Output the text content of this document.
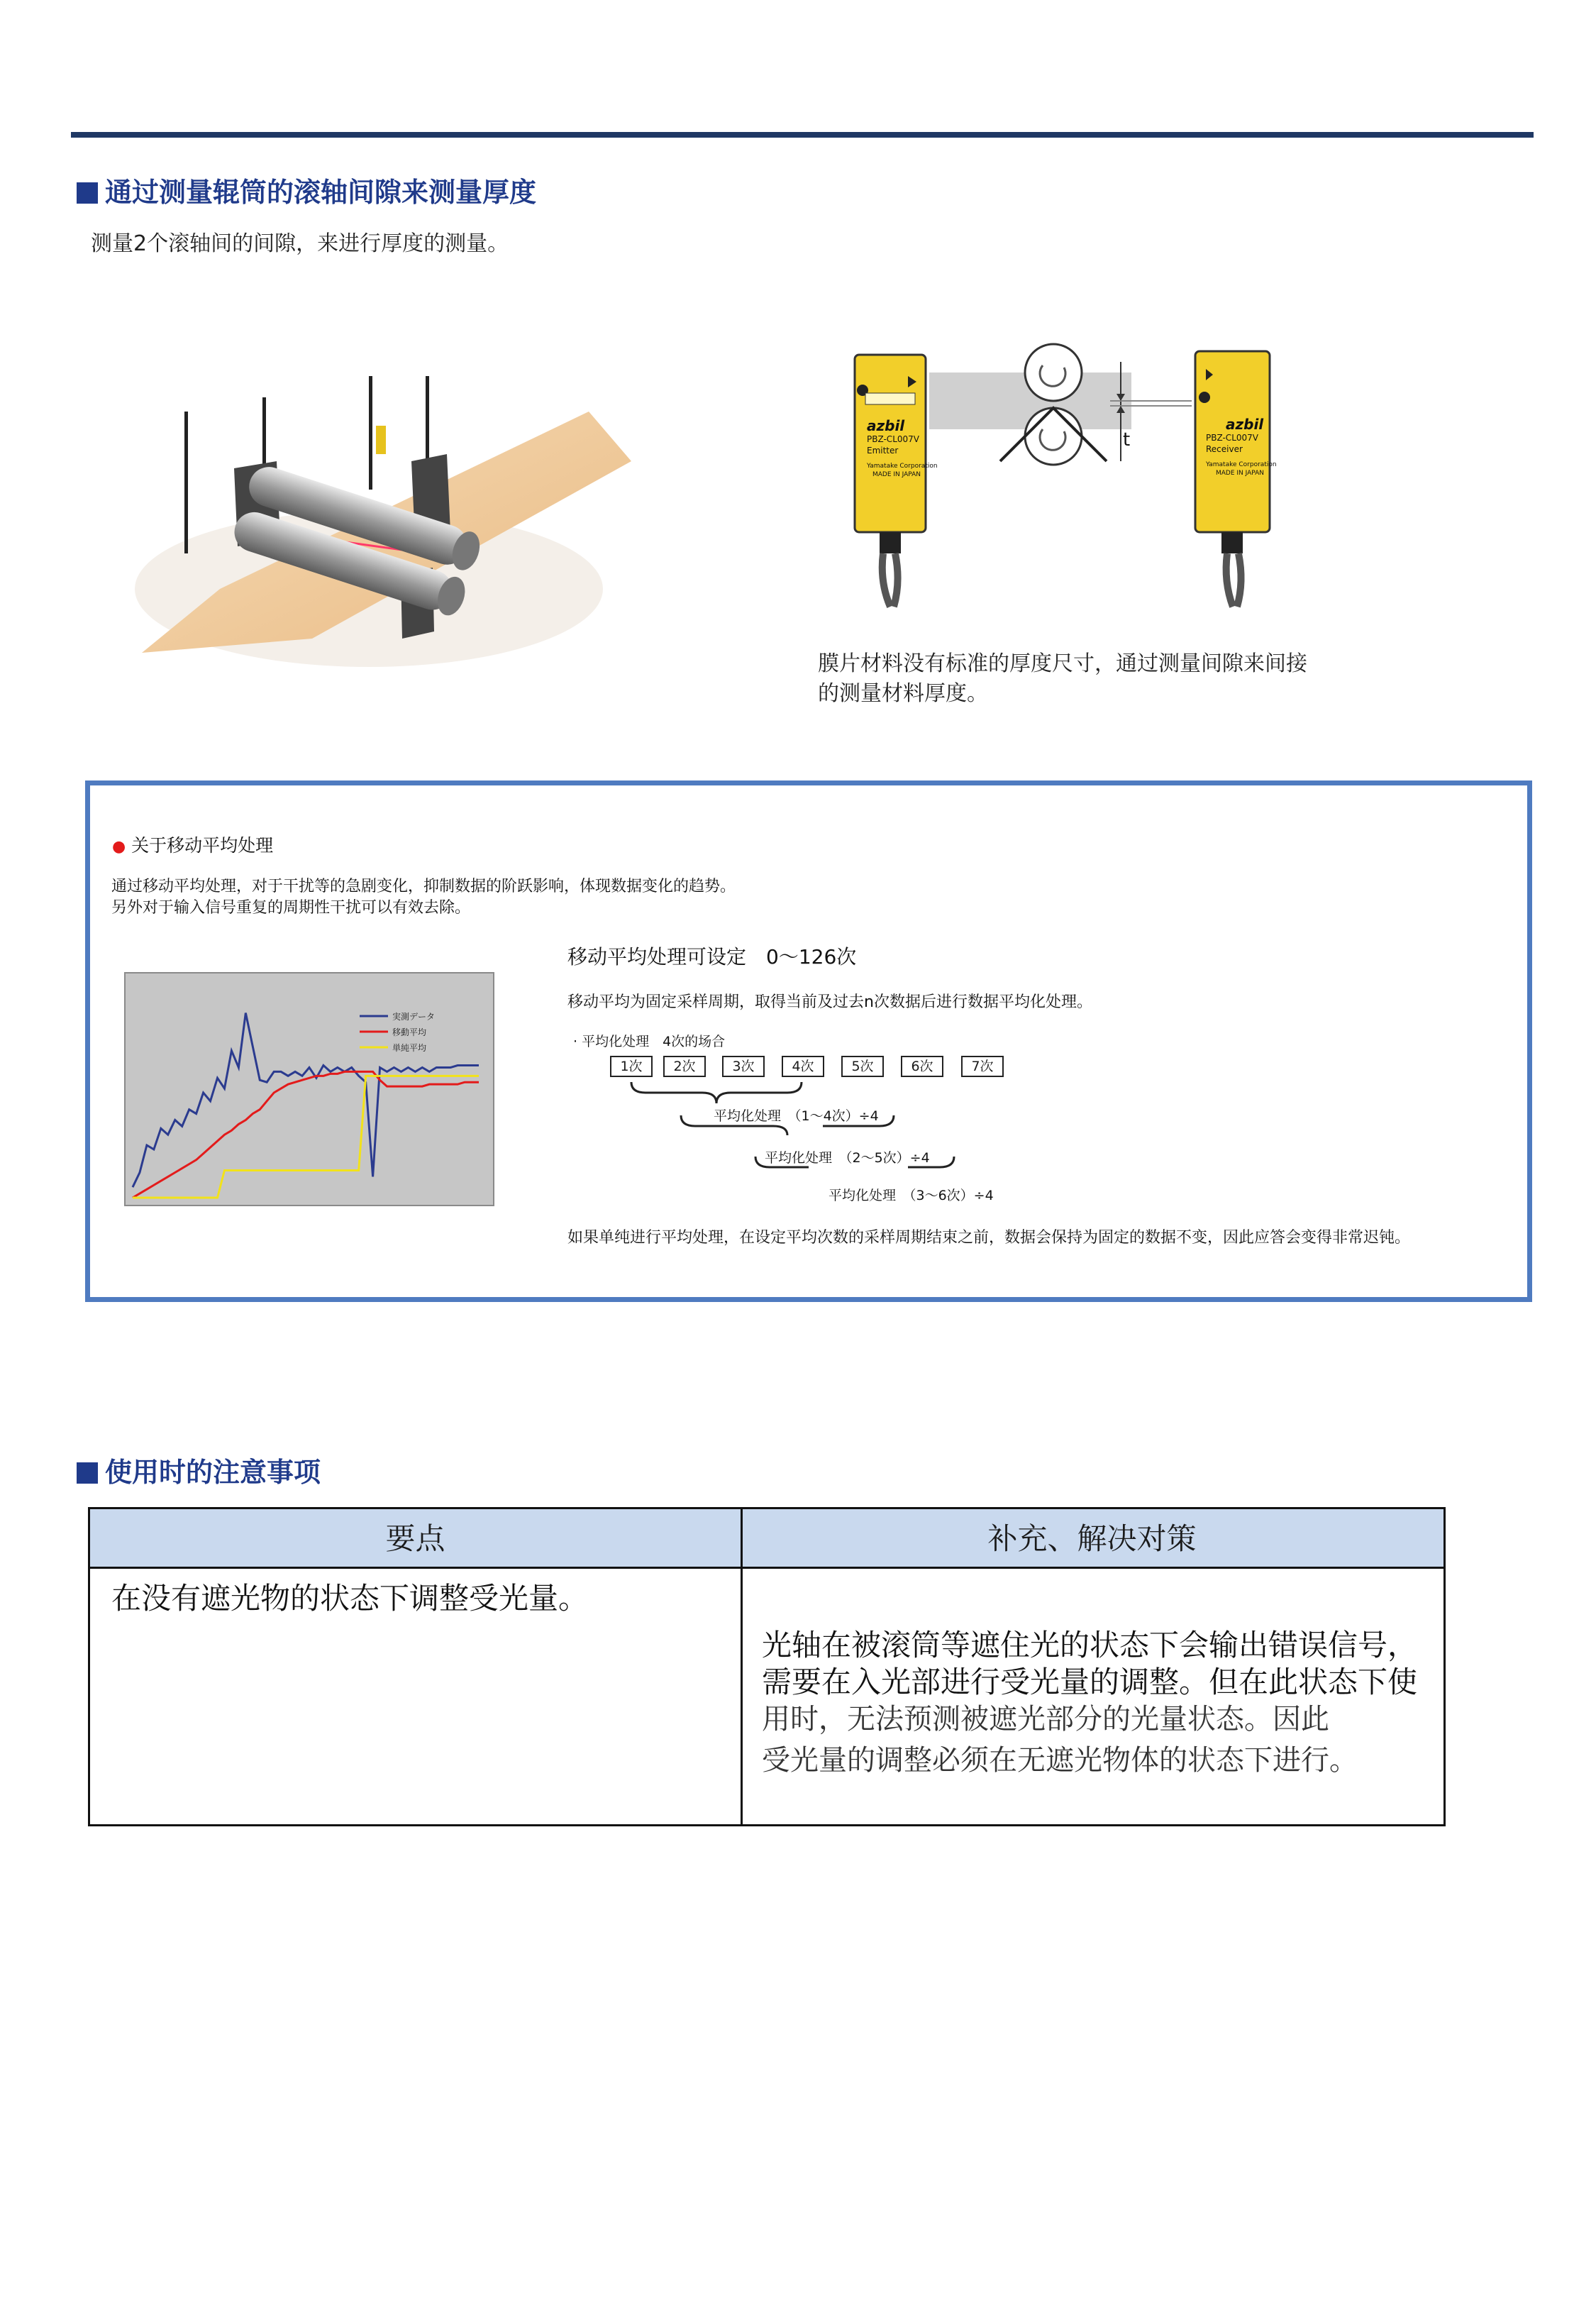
通过测量辊筒的滚轴间隙来测量厚度
测量2个滚轴间的间隙，来进行厚度的测量。
azbil
PBZ-CL007V
Emitter
Yamatake Corporation
MADE IN JAPAN
t
azbil
PBZ-CL007V
Receiver
Yamatake Corporation
MADE IN JAPAN
膜片材料没有标准的厚度尺寸，通过测量间隙来间接
的测量材料厚度。
● 关于移动平均处理
通过移动平均处理，对于干扰等的急剧变化，抑制数据的阶跃影响，体现数据变化的趋势。
另外对于输入信号重复的周期性干扰可以有效去除。
実測データ
移動平均
単純平均
移动平均处理可设定　0～126次
移动平均为固定采样周期，取得当前及过去n次数据后进行数据平均化处理。
· 平均化处理　4次的场合
1次	2次	3次	4次	5次	6次	7次
平均化处理　（1～4次）÷4
平均化处理　（2～5次）÷4
平均化处理　（3～6次）÷4
如果单纯进行平均处理，在设定平均次数的采样周期结束之前，数据会保持为固定的数据不变，因此应答会变得非常迟钝。
使用时的注意事项
要点	补充、解决对策
在没有遮光物的状态下调整受光量。
光轴在被滚筒等遮住光的状态下会输出错误信号，
需要在入光部进行受光量的调整。但在此状态下使
用时，无法预测被遮光部分的光量状态。因此
受光量的调整必须在无遮光物体的状态下进行。
